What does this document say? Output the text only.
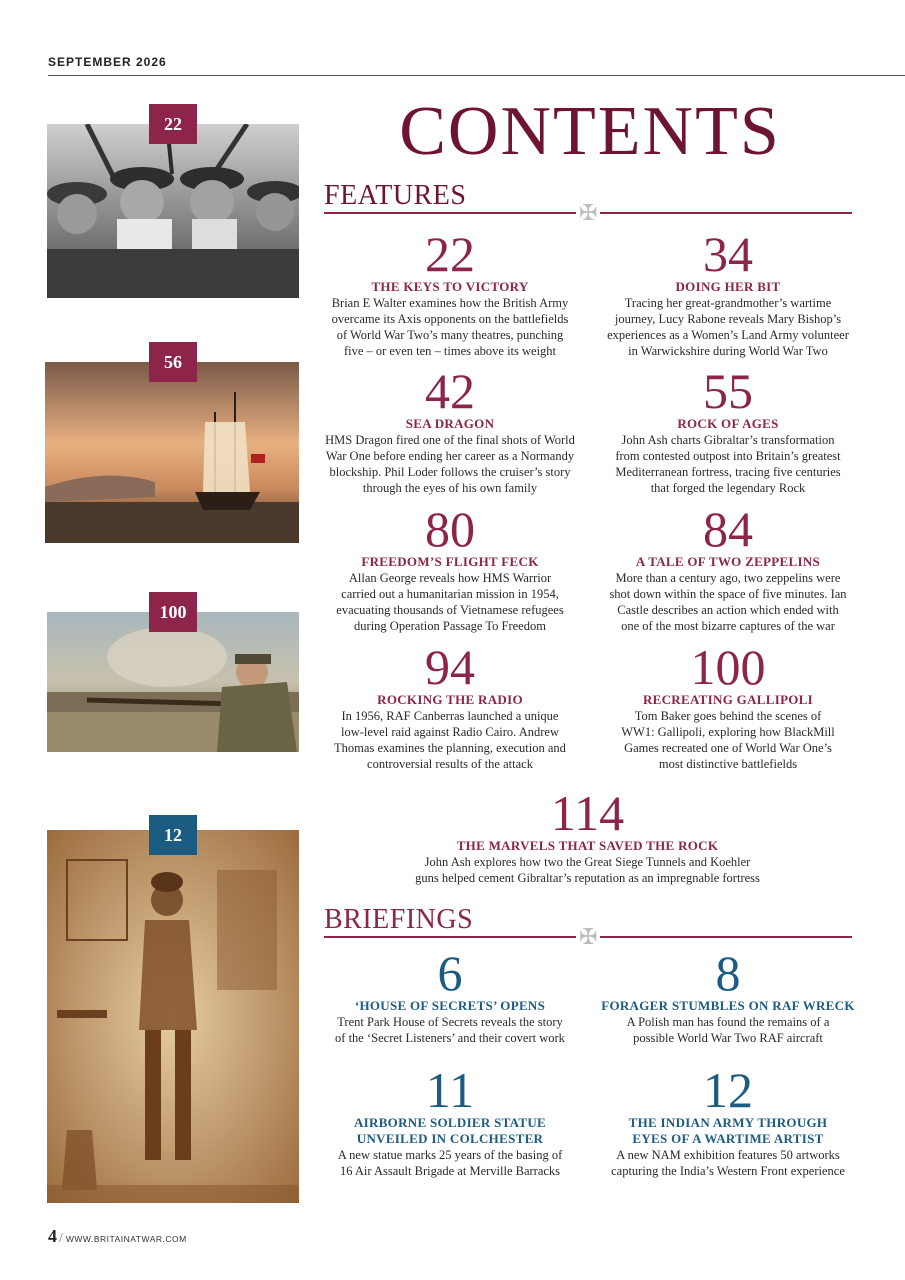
SEPTEMBER 2026
22
56
100
12
CONTENTS
FEATURES
✠
22
THE KEYS TO VICTORY
Brian E Walter examines how the British Army
overcame its Axis opponents on the battlefields
of World War Two’s many theatres, punching
five – or even ten – times above its weight
34
DOING HER BIT
Tracing her great-grandmother’s wartime
journey, Lucy Rabone reveals Mary Bishop’s
experiences as a Women’s Land Army volunteer
in Warwickshire during World War Two
42
SEA DRAGON
HMS Dragon fired one of the final shots of World
War One before ending her career as a Normandy
blockship. Phil Loder follows the cruiser’s story
through the eyes of his own family
55
ROCK OF AGES
John Ash charts Gibraltar’s transformation
from contested outpost into Britain’s greatest
Mediterranean fortress, tracing five centuries
that forged the legendary Rock
80
FREEDOM’S FLIGHT FECK
Allan George reveals how HMS Warrior
carried out a humanitarian mission in 1954,
evacuating thousands of Vietnamese refugees
during Operation Passage To Freedom
84
A TALE OF TWO ZEPPELINS
More than a century ago, two zeppelins were
shot down within the space of five minutes. Ian
Castle describes an action which ended with
one of the most bizarre captures of the war
94
ROCKING THE RADIO
In 1956, RAF Canberras launched a unique
low-level raid against Radio Cairo. Andrew
Thomas examines the planning, execution and
controversial results of the attack
100
RECREATING GALLIPOLI
Tom Baker goes behind the scenes of
WW1: Gallipoli, exploring how BlackMill
Games recreated one of World War One’s
most distinctive battlefields
114
THE MARVELS THAT SAVED THE ROCK
John Ash explores how two the Great Siege Tunnels and Koehler
guns helped cement Gibraltar’s reputation as an impregnable fortress
BRIEFINGS
✠
6
‘HOUSE OF SECRETS’ OPENS
Trent Park House of Secrets reveals the story
of the ‘Secret Listeners’ and their covert work
8
FORAGER STUMBLES ON RAF WRECK
A Polish man has found the remains of a
possible World War Two RAF aircraft
11
AIRBORNE SOLDIER STATUE
UNVEILED IN COLCHESTER
A new statue marks 25 years of the basing of
16 Air Assault Brigade at Merville Barracks
12
THE INDIAN ARMY THROUGH
EYES OF A WARTIME ARTIST
A new NAM exhibition features 50 artworks
capturing the India’s Western Front experience
4 / WWW.BRITAINATWAR.COM
